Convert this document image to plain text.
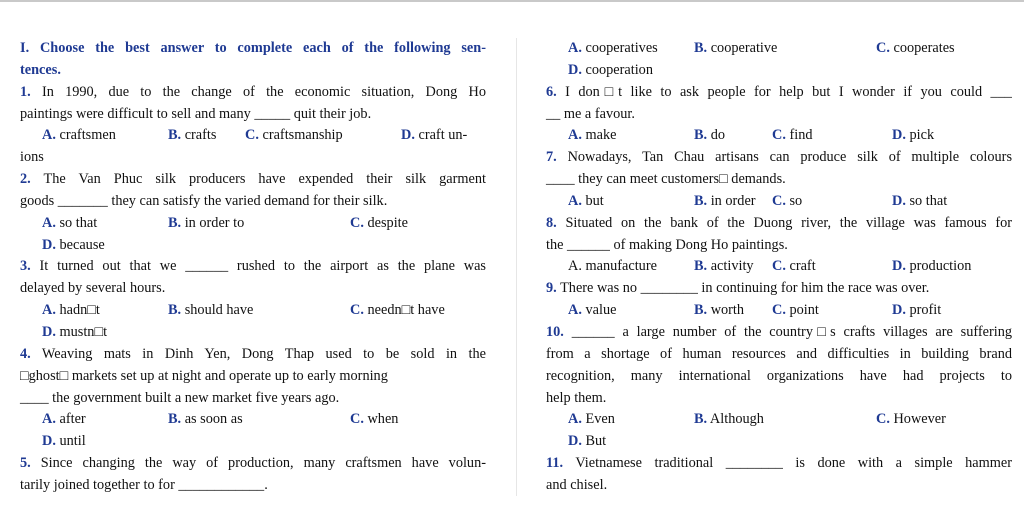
I. Choose the best answer to complete each of the following sen-
tences.
1. In 1990, due to the change of the economic situation, Dong Ho
paintings were difficult to sell and many _____ quit their job.
A. craftsmen	B. crafts C. craftsmanship	D. craft un-
ions
2. The Van Phuc silk producers have expended their silk garment
goods _______ they can satisfy the varied demand for their silk.
A. so that	B. in order to	C. despite
D. because
3. It turned out that we ______ rushed to the airport as the plane was
delayed by several hours.
A. hadn□t	B. should have	C. needn□t have
D. mustn□t
4. Weaving mats in Dinh Yen, Dong Thap used to be sold in the
□ghost□ markets set up at night and operate up to early morning
____ the government built a new market five years ago.
A. after	B. as soon as	C. when
D. until
5. Since changing the way of production, many craftsmen have volun-
tarily joined together to for ____________.
A. cooperatives	B. cooperative	C. cooperates
D. cooperation
6. I don□t like to ask people for help but I wonder if you could ___
__ me a favour.
A. make	B. do	C. find	D. pick
7. Nowadays, Tan Chau artisans can produce silk of multiple colours
____ they can meet customers□ demands.
A. but	B. in order C. so	D. so that
8. Situated on the bank of the Duong river, the village was famous for
the ______ of making Dong Ho paintings.
A. manufacture	B. activity C. craft	D. production
9. There was no ________ in continuing for him the race was over.
A. value	B. worth C. point	D. profit
10. ______ a large number of the country□s crafts villages are suffering
from a shortage of human resources and difficulties in building brand
recognition, many international organizations have had projects to
help them.
A. Even	B. Although	C. However
D. But
11. Vietnamese traditional ________ is done with a simple hammer
and chisel.
